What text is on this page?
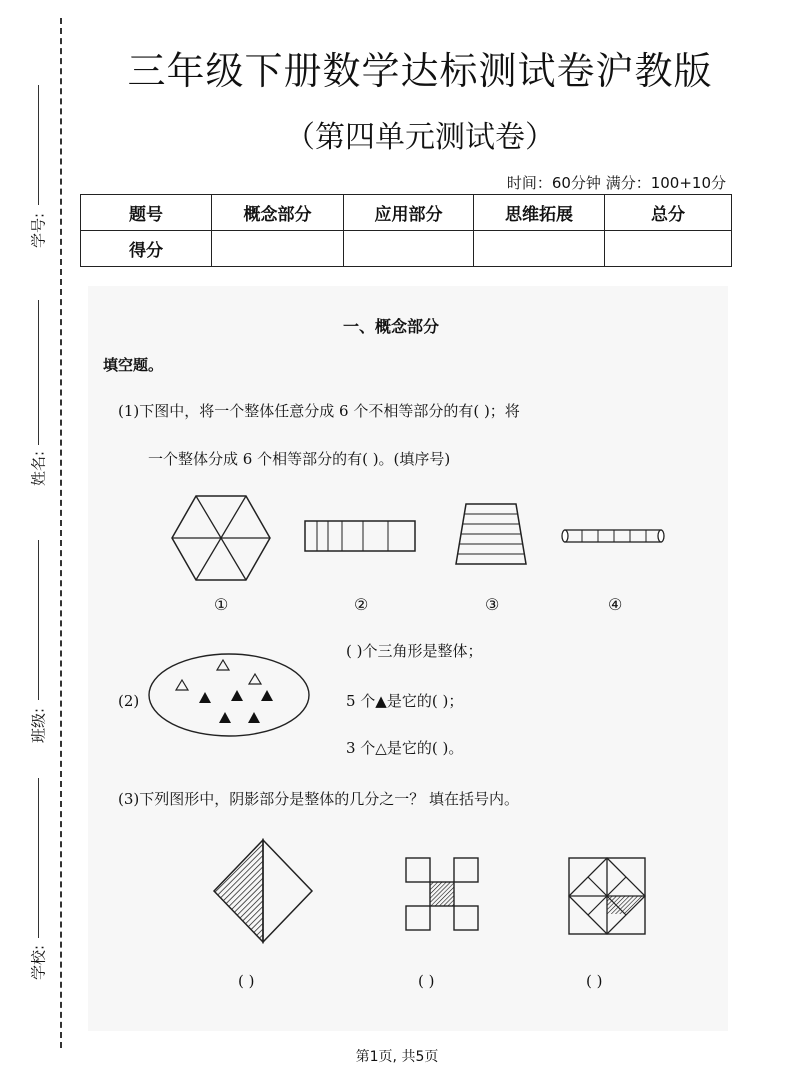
学号:
姓名:
班级:
学校:
三年级下册数学达标测试卷沪教版
（第四单元测试卷）
时间：60分钟 满分：100+10分
题号	概念部分	应用部分	思维拓展	总分
得分				
一、概念部分
填空题。
(1)下图中，将一个整体任意分成 6 个不相等部分的有( )；将
一个整体分成 6 个相等部分的有( )。(填序号)
①	②	③	④
(2)
( )个三角形是整体；
5 个▲是它的( )；
3 个△是它的( )。
(3)下列图形中，阴影部分是整体的几分之一？ 填在括号内。
( )	( )	( )
第1页, 共5页
